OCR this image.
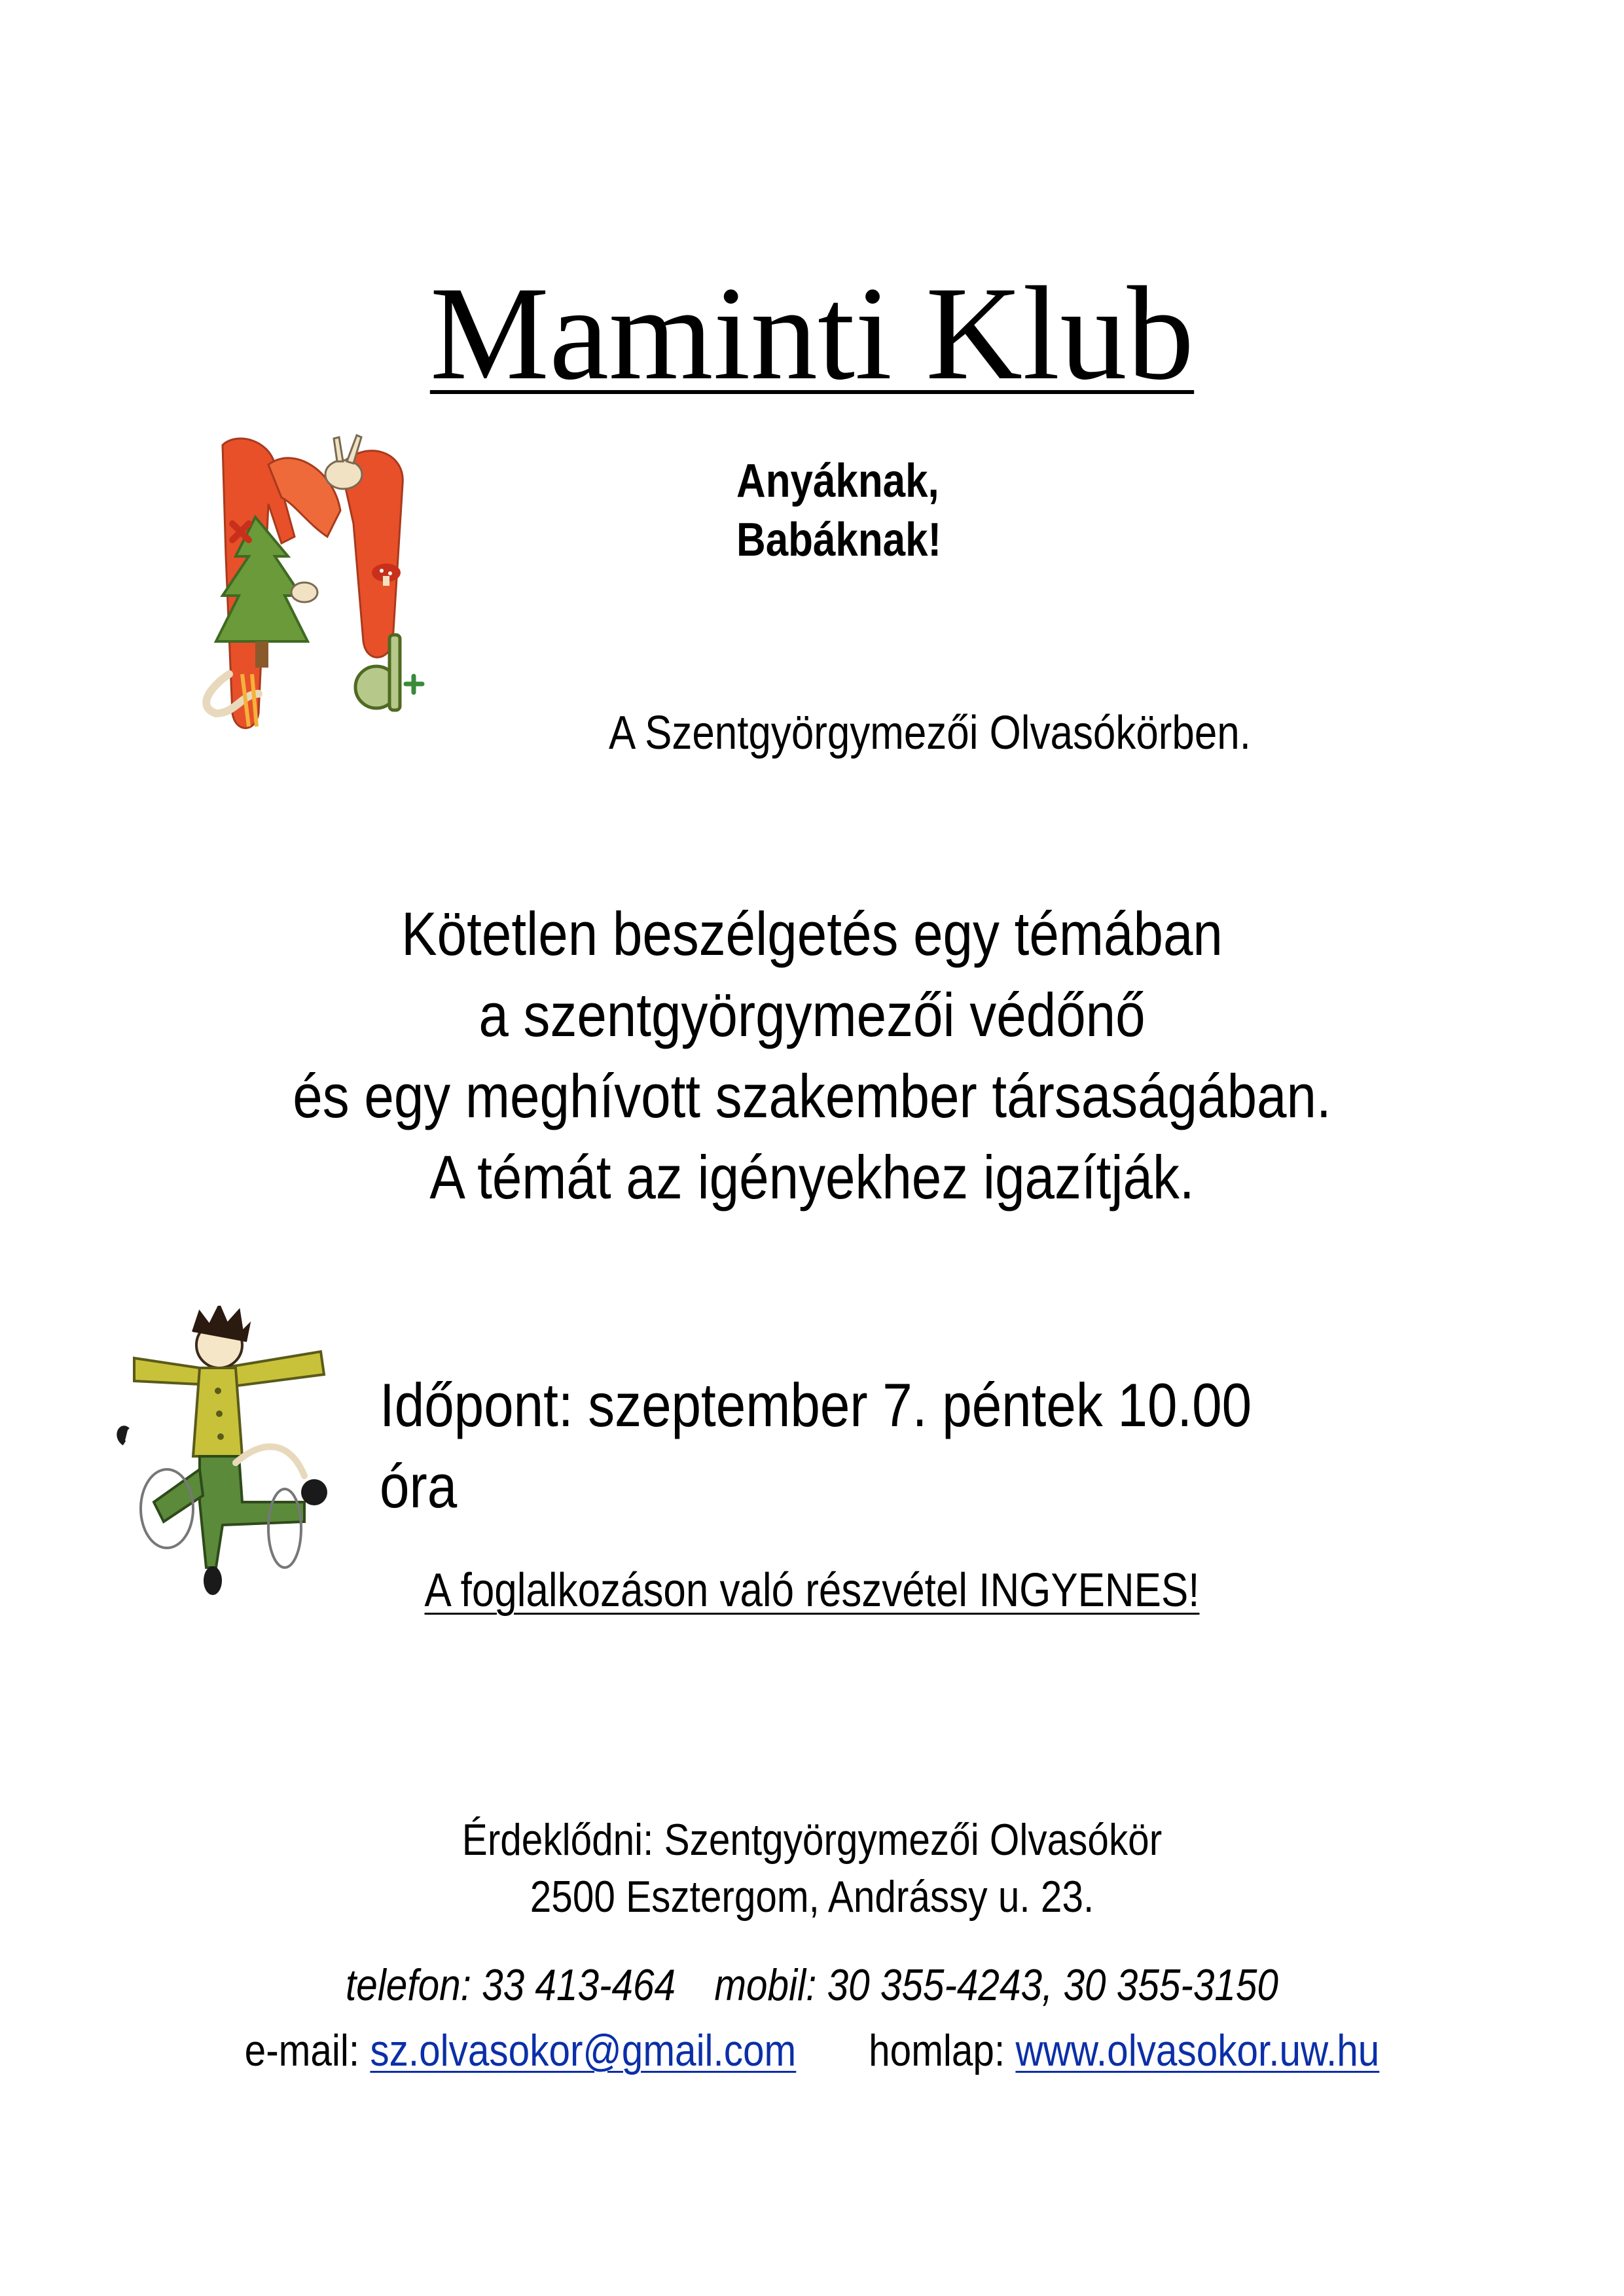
Maminti Klub
Anyáknak, Babáknak!
A Szentgyörgymezői Olvasókörben.
Kötetlen beszélgetés egy témában
a szentgyörgymezői védőnő
és egy meghívott szakember társaságában.
A témát az igényekhez igazítják.
Időpont: szeptember 7. péntek 10.00 óra
A foglalkozáson való részvétel INGYENES!
Érdeklődni: Szentgyörgymezői Olvasókör
2500 Esztergom, Andrássy u. 23.
telefon: 33 413-464 mobil: 30 355-4243, 30 355-3150
e-mail: sz.olvasokor@gmail.com homlap: www.olvasokor.uw.hu
